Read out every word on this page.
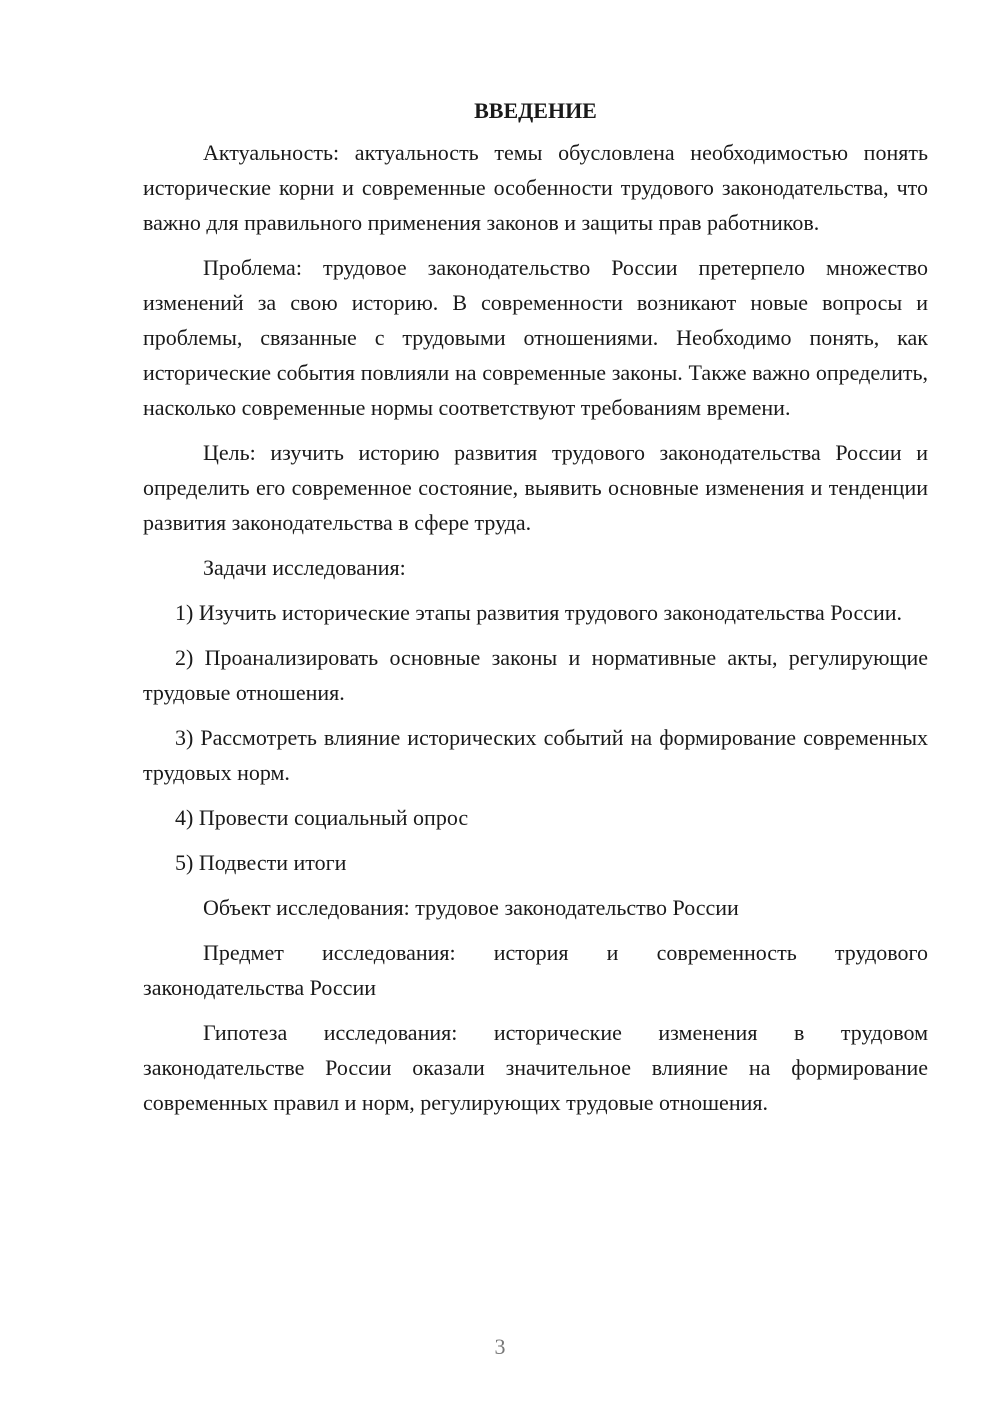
ВВЕДЕНИЕ

Актуальность: актуальность темы обусловлена необходимостью понять исторические корни и современные особенности трудового законодательства, что важно для правильного применения законов и защиты прав работников.

Проблема: трудовое законодательство России претерпело множество изменений за свою историю. В современности возникают новые вопросы и проблемы, связанные с трудовыми отношениями. Необходимо понять, как исторические события повлияли на современные законы. Также важно определить, насколько современные нормы соответствуют требованиям времени.

Цель: изучить историю развития трудового законодательства России и определить его современное состояние, выявить основные изменения и тенденции развития законодательства в сфере труда.

Задачи исследования:

1) Изучить исторические этапы развития трудового законодательства России.

2) Проанализировать основные законы и нормативные акты, регулирующие трудовые отношения.

3) Рассмотреть влияние исторических событий на формирование современных трудовых норм.

4) Провести социальный опрос

5) Подвести итоги

Объект исследования: трудовое законодательство России

Предмет исследования: история и современность трудового законодательства России

Гипотеза исследования: исторические изменения в трудовом законодательстве России оказали значительное влияние на формирование современных правил и норм, регулирующих трудовые отношения.

3
